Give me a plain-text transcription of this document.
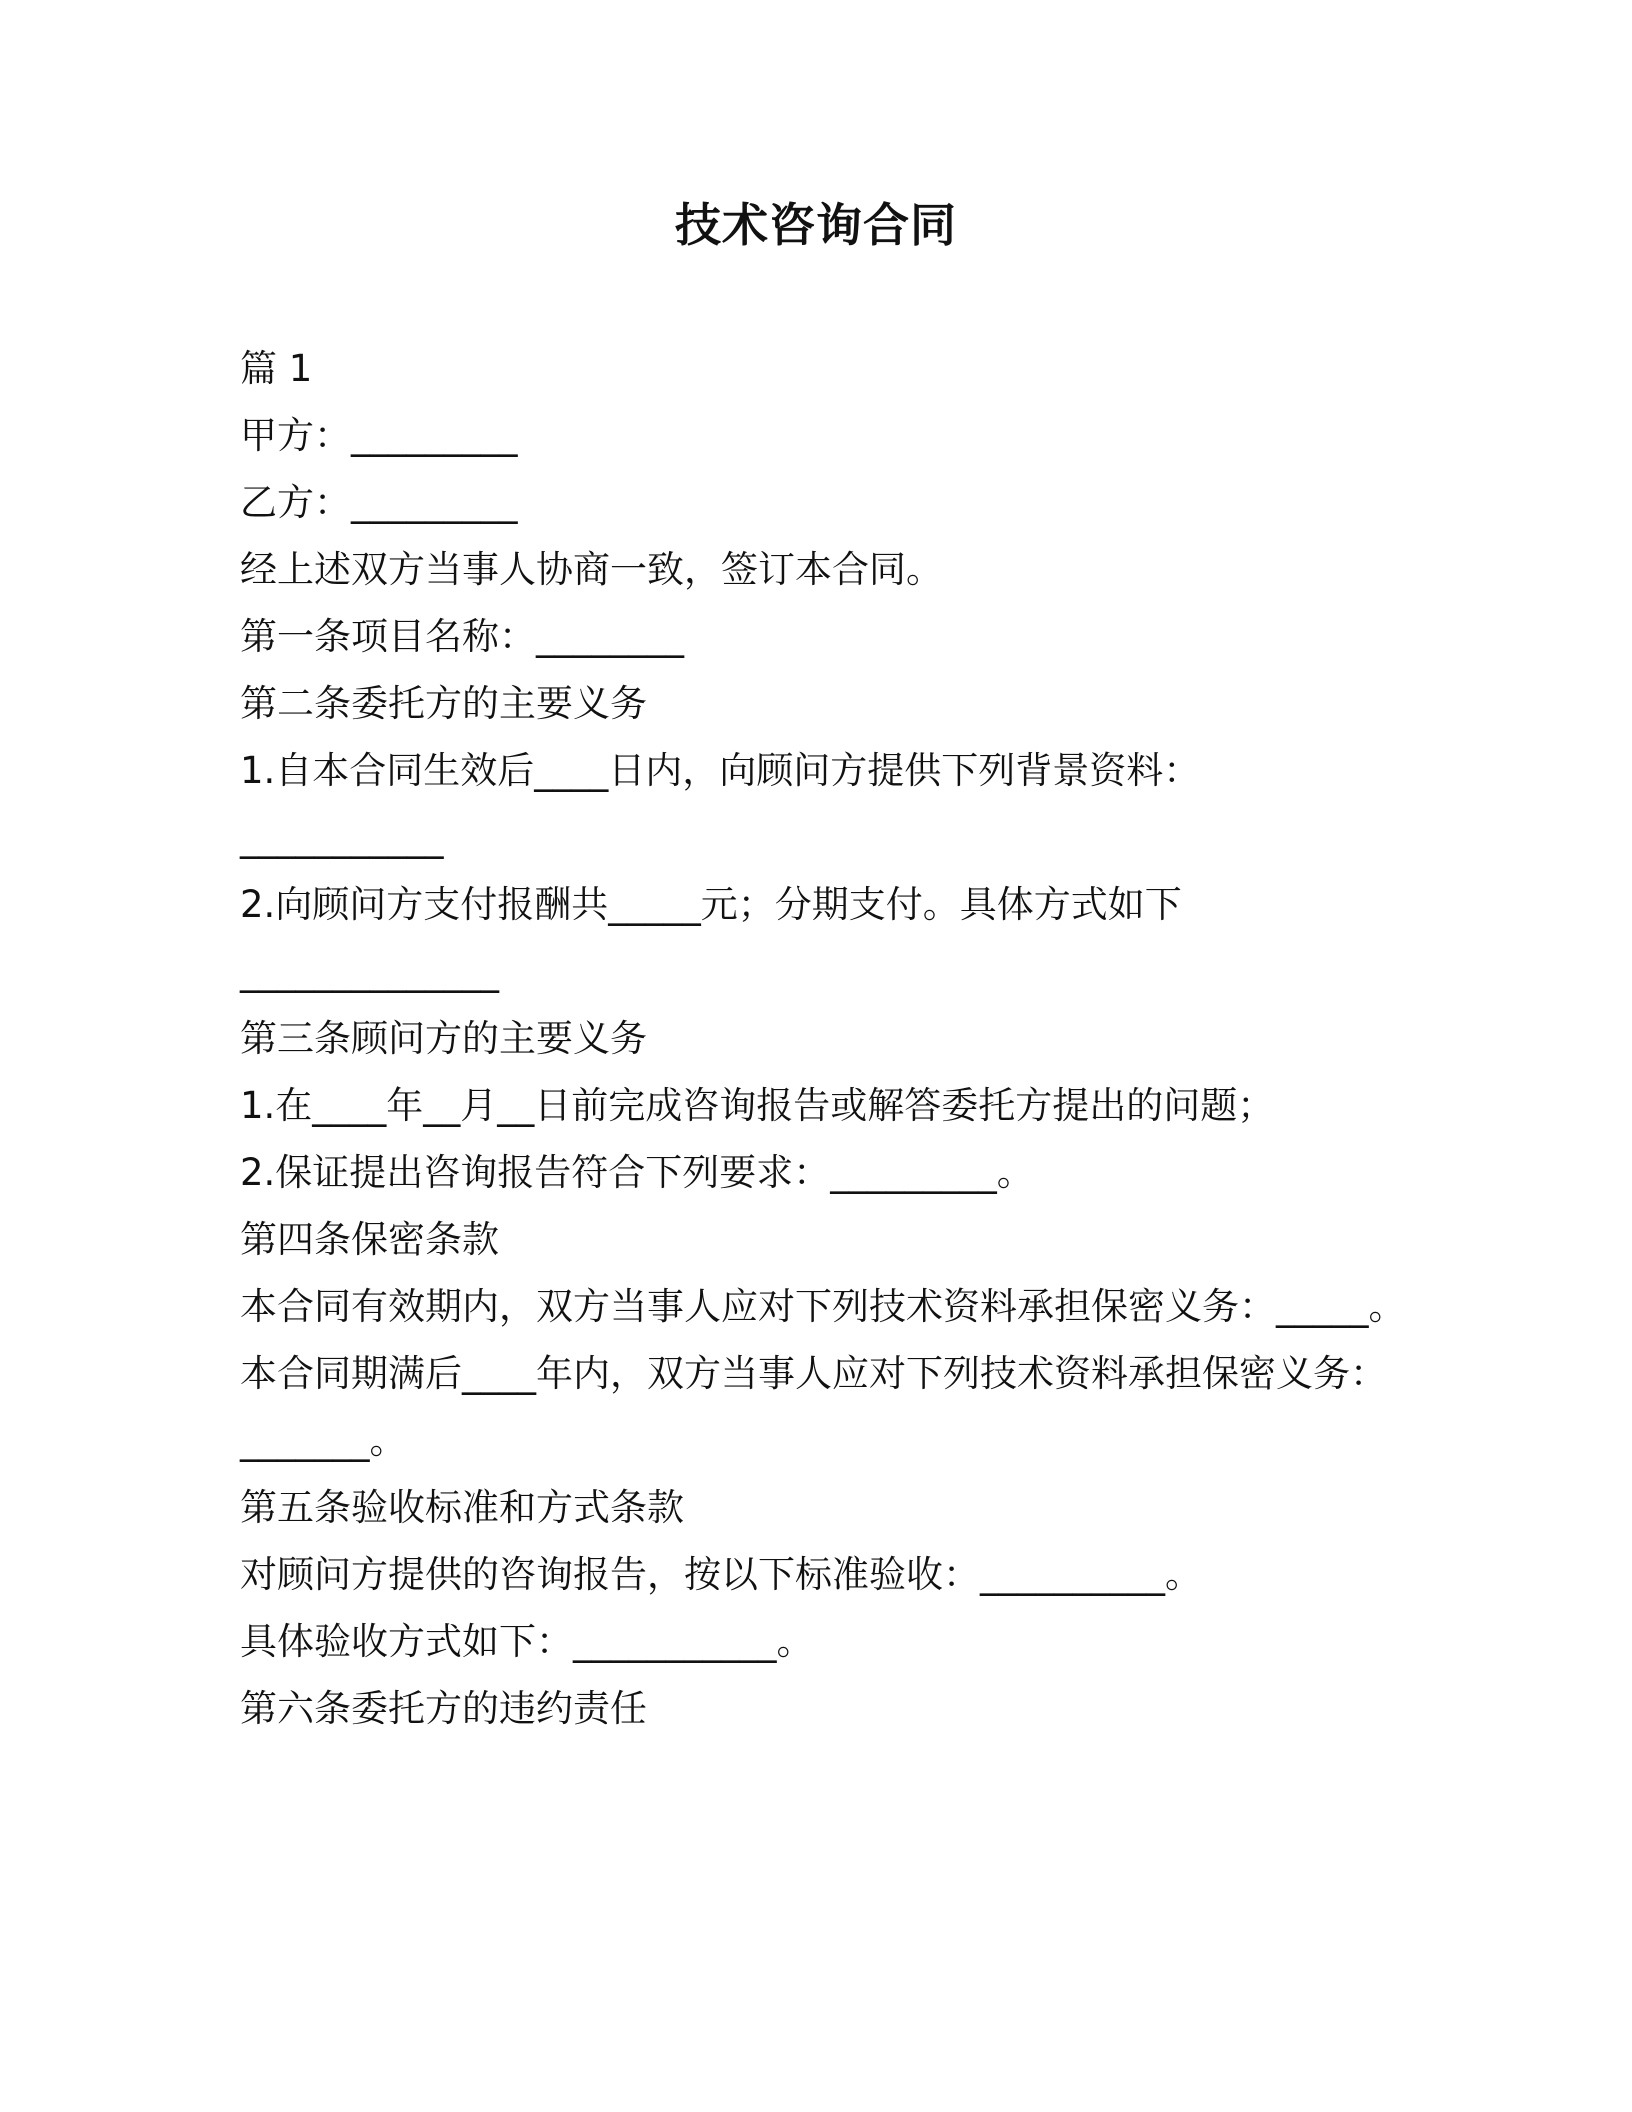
技术咨询合同
篇 1
甲方：_________
乙方：_________
经上述双方当事人协商一致，签订本合同。
第一条项目名称：________
第二条委托方的主要义务
1.自本合同生效后____日内，向顾问方提供下列背景资料：
___________
2.向顾问方支付报酬共_____元；分期支付。具体方式如下
______________
第三条顾问方的主要义务
1.在____年__月__日前完成咨询报告或解答委托方提出的问题；
2.保证提出咨询报告符合下列要求：_________。
第四条保密条款
本合同有效期内，双方当事人应对下列技术资料承担保密义务：_____。
本合同期满后____年内，双方当事人应对下列技术资料承担保密义务：
_______。
第五条验收标准和方式条款
对顾问方提供的咨询报告，按以下标准验收：__________。
具体验收方式如下：___________。
第六条委托方的违约责任
